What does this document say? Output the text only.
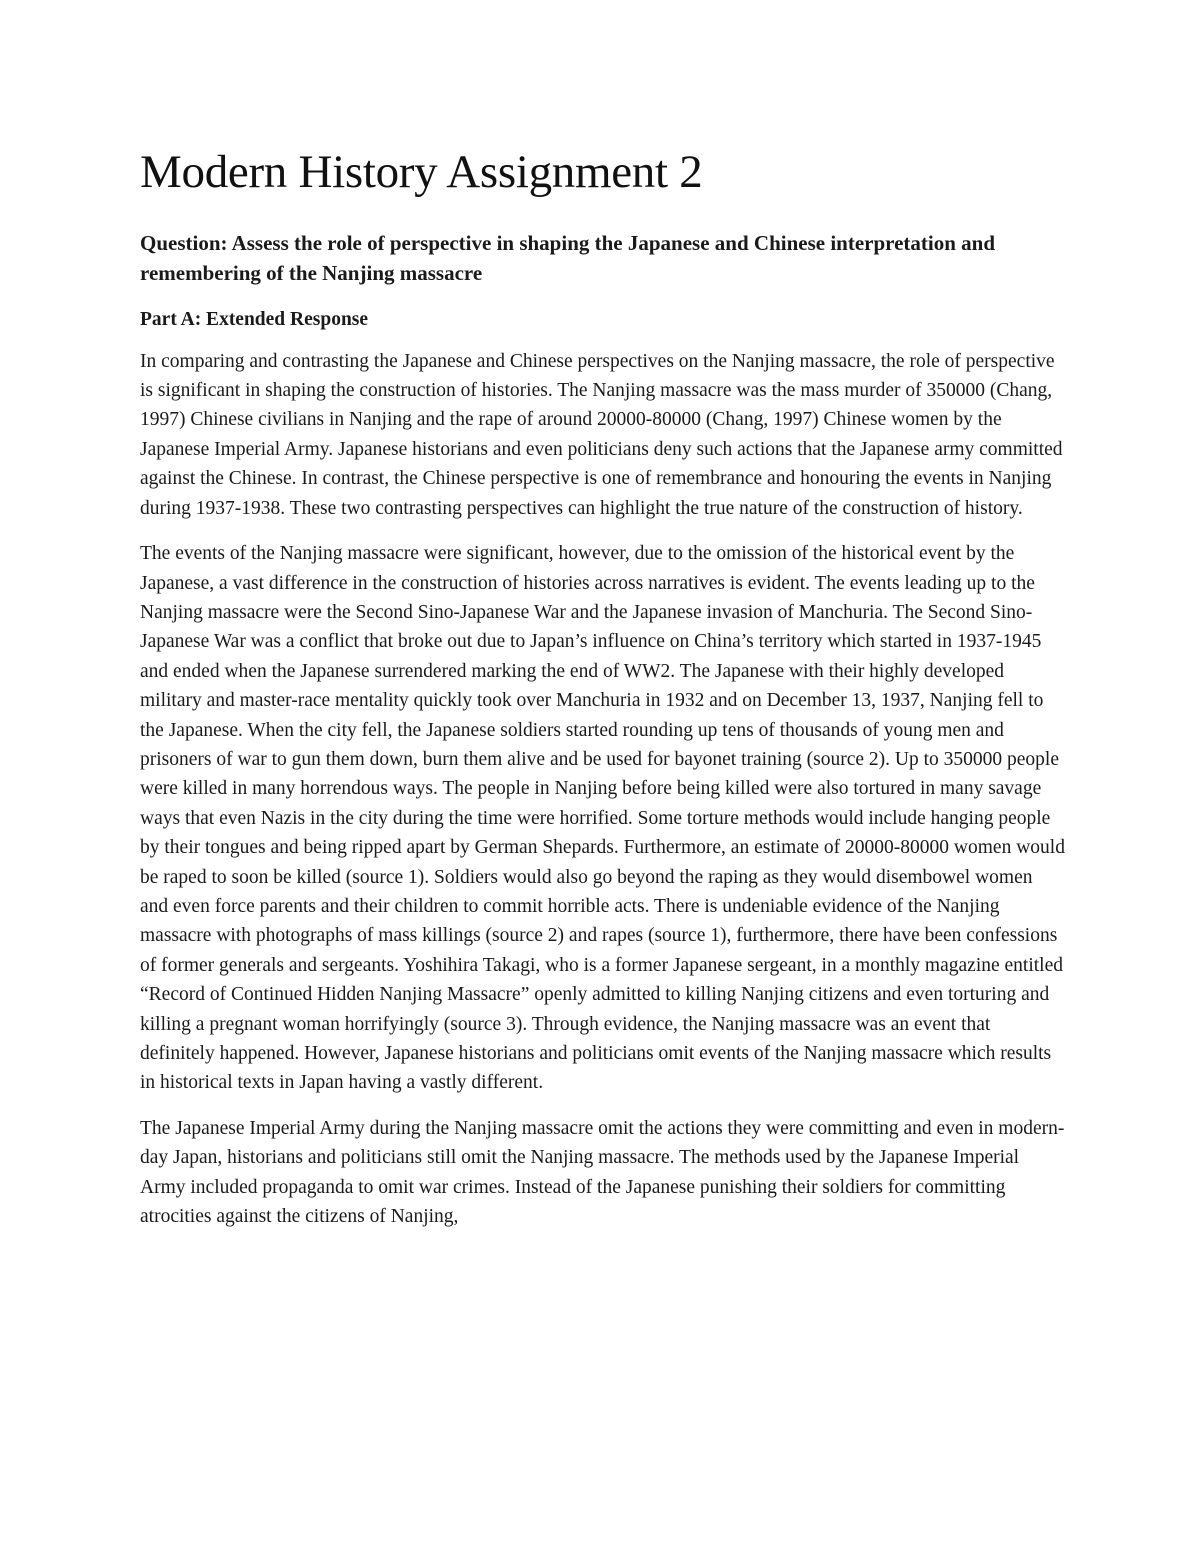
Modern History Assignment 2

Question: Assess the role of perspective in shaping the Japanese and Chinese interpretation and remembering of the Nanjing massacre

Part A: Extended Response

In comparing and contrasting the Japanese and Chinese perspectives on the Nanjing massacre, the role of perspective is significant in shaping the construction of histories. The Nanjing massacre was the mass murder of 350000 (Chang, 1997) Chinese civilians in Nanjing and the rape of around 20000-80000 (Chang, 1997) Chinese women by the Japanese Imperial Army. Japanese historians and even politicians deny such actions that the Japanese army committed against the Chinese. In contrast, the Chinese perspective is one of remembrance and honouring the events in Nanjing during 1937-1938. These two contrasting perspectives can highlight the true nature of the construction of history.

The events of the Nanjing massacre were significant, however, due to the omission of the historical event by the Japanese, a vast difference in the construction of histories across narratives is evident. The events leading up to the Nanjing massacre were the Second Sino-Japanese War and the Japanese invasion of Manchuria. The Second Sino-Japanese War was a conflict that broke out due to Japan’s influence on China’s territory which started in 1937-1945 and ended when the Japanese surrendered marking the end of WW2. The Japanese with their highly developed military and master-race mentality quickly took over Manchuria in 1932 and on December 13, 1937, Nanjing fell to the Japanese. When the city fell, the Japanese soldiers started rounding up tens of thousands of young men and prisoners of war to gun them down, burn them alive and be used for bayonet training (source 2). Up to 350000 people were killed in many horrendous ways. The people in Nanjing before being killed were also tortured in many savage ways that even Nazis in the city during the time were horrified. Some torture methods would include hanging people by their tongues and being ripped apart by German Shepards. Furthermore, an estimate of 20000-80000 women would be raped to soon be killed (source 1). Soldiers would also go beyond the raping as they would disembowel women and even force parents and their children to commit horrible acts. There is undeniable evidence of the Nanjing massacre with photographs of mass killings (source 2) and rapes (source 1), furthermore, there have been confessions of former generals and sergeants. Yoshihira Takagi, who is a former Japanese sergeant, in a monthly magazine entitled “Record of Continued Hidden Nanjing Massacre” openly admitted to killing Nanjing citizens and even torturing and killing a pregnant woman horrifyingly (source 3). Through evidence, the Nanjing massacre was an event that definitely happened. However, Japanese historians and politicians omit events of the Nanjing massacre which results in historical texts in Japan having a vastly different.

The Japanese Imperial Army during the Nanjing massacre omit the actions they were committing and even in modern-day Japan, historians and politicians still omit the Nanjing massacre. The methods used by the Japanese Imperial Army included propaganda to omit war crimes. Instead of the Japanese punishing their soldiers for committing atrocities against the citizens of Nanjing,
